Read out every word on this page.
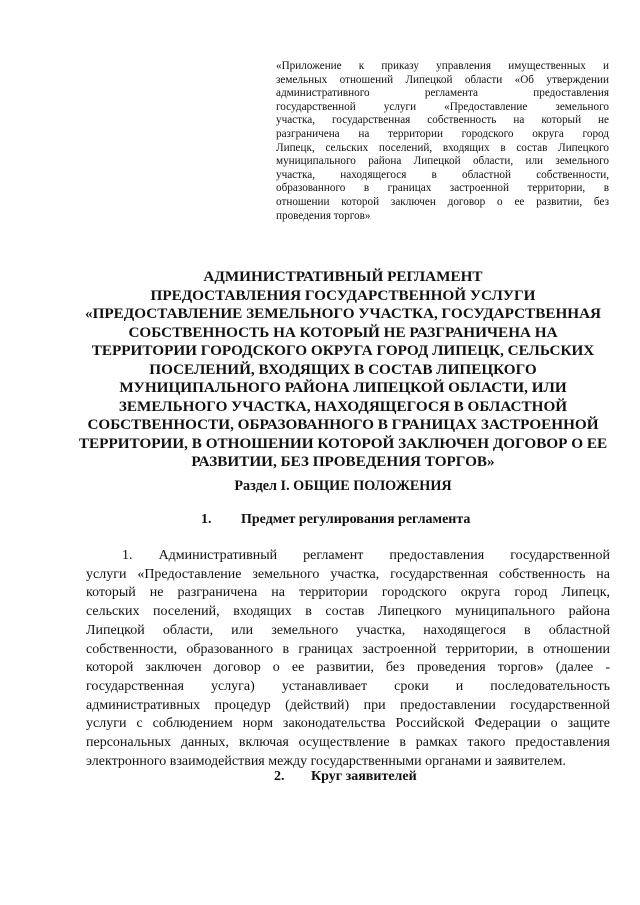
«Приложение к приказу управления имущественных и
земельных отношений Липецкой области «Об утверждении
административного регламента предоставления
государственной услуги «Предоставление земельного
участка, государственная собственность на который не
разграничена на территории городского округа город
Липецк, сельских поселений, входящих в состав Липецкого
муниципального района Липецкой области, или земельного
участка, находящегося в областной собственности,
образованного в границах застроенной территории, в
отношении которой заключен договор о ее развитии, без
проведения торгов»
АДМИНИСТРАТИВНЫЙ РЕГЛАМЕНТ
ПРЕДОСТАВЛЕНИЯ ГОСУДАРСТВЕННОЙ УСЛУГИ
«ПРЕДОСТАВЛЕНИЕ ЗЕМЕЛЬНОГО УЧАСТКА, ГОСУДАРСТВЕННАЯ
СОБСТВЕННОСТЬ НА КОТОРЫЙ НЕ РАЗГРАНИЧЕНА НА
ТЕРРИТОРИИ ГОРОДСКОГО ОКРУГА ГОРОД ЛИПЕЦК, СЕЛЬСКИХ
ПОСЕЛЕНИЙ, ВХОДЯЩИХ В СОСТАВ ЛИПЕЦКОГО
МУНИЦИПАЛЬНОГО РАЙОНА ЛИПЕЦКОЙ ОБЛАСТИ, ИЛИ
ЗЕМЕЛЬНОГО УЧАСТКА, НАХОДЯЩЕГОСЯ В ОБЛАСТНОЙ
СОБСТВЕННОСТИ, ОБРАЗОВАННОГО В ГРАНИЦАХ ЗАСТРОЕННОЙ
ТЕРРИТОРИИ, В ОТНОШЕНИИ КОТОРОЙ ЗАКЛЮЧЕН ДОГОВОР О ЕЕ
РАЗВИТИИ, БЕЗ ПРОВЕДЕНИЯ ТОРГОВ»
Раздел I. ОБЩИЕ ПОЛОЖЕНИЯ
1. Предмет регулирования регламента
1. Административный регламент предоставления государственной
услуги «Предоставление земельного участка, государственная собственность на
который не разграничена на территории городского округа город Липецк,
сельских поселений, входящих в состав Липецкого муниципального района
Липецкой области, или земельного участка, находящегося в областной
собственности, образованного в границах застроенной территории, в отношении
которой заключен договор о ее развитии, без проведения торгов» (далее -
государственная услуга) устанавливает сроки и последовательность
административных процедур (действий) при предоставлении государственной
услуги с соблюдением норм законодательства Российской Федерации о защите
персональных данных, включая осуществление в рамках такого предоставления
электронного взаимодействия между государственными органами и заявителем.
2. Круг заявителей
